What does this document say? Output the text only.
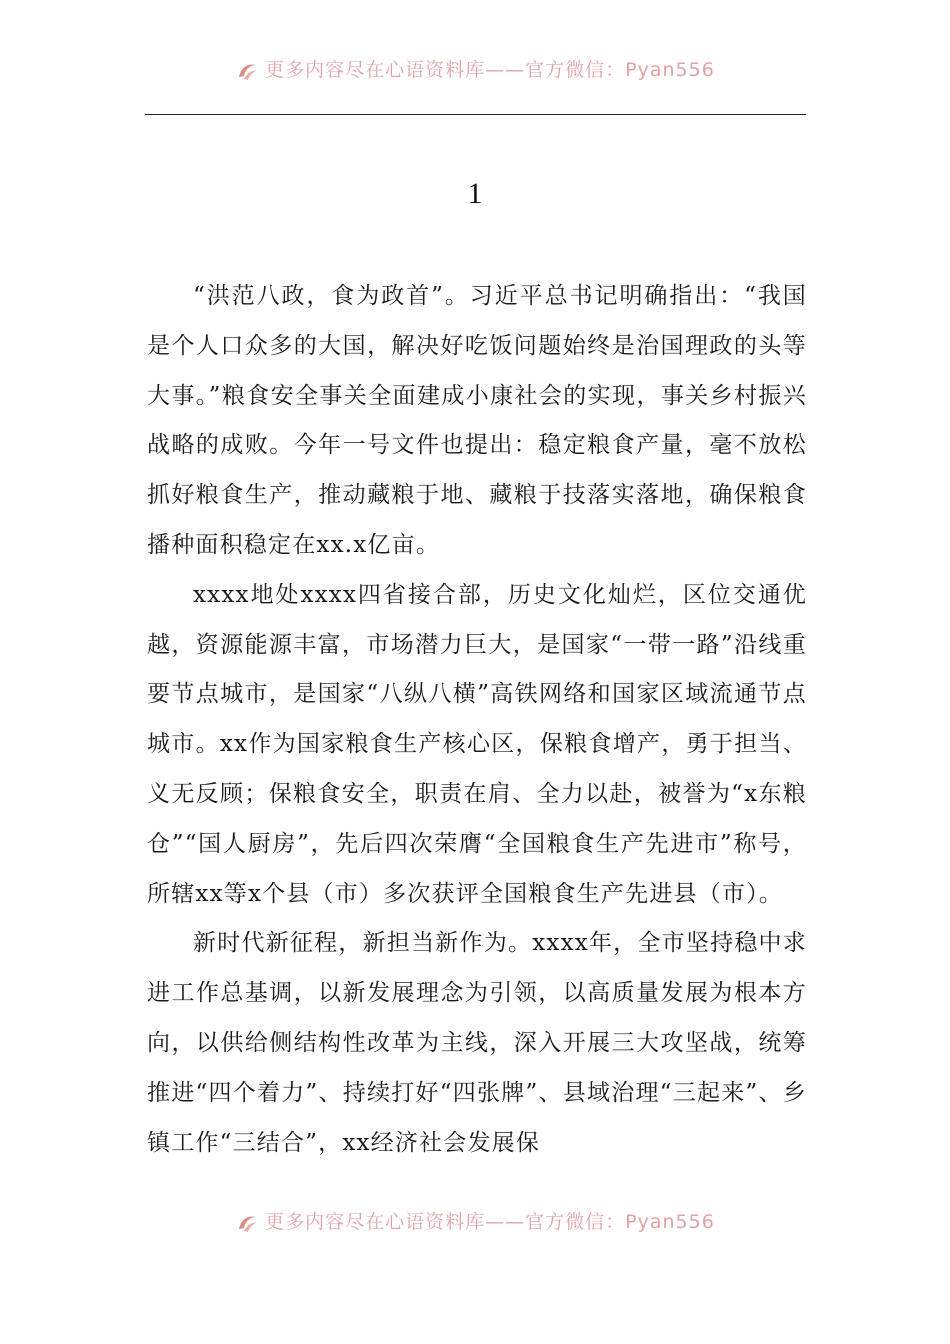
更多内容尽在心语资料库——官方微信：Pyan556
1

“洪范八政，食为政首”。习近平总书记明确指出：“我国是个人口众多的大国，解决好吃饭问题始终是治国理政的头等大事。”粮食安全事关全面建成小康社会的实现，事关乡村振兴战略的成败。今年一号文件也提出：稳定粮食产量，毫不放松抓好粮食生产，推动藏粮于地、藏粮于技落实落地，确保粮食播种面积稳定在xx.x亿亩。

xxxx地处xxxx四省接合部，历史文化灿烂，区位交通优越，资源能源丰富，市场潜力巨大，是国家“一带一路”沿线重要节点城市，是国家“八纵八横”高铁网络和国家区域流通节点城市。xx作为国家粮食生产核心区，保粮食增产，勇于担当、义无反顾；保粮食安全，职责在肩、全力以赴，被誉为“x东粮仓”“国人厨房”，先后四次荣膺“全国粮食生产先进市”称号，所辖xx等x个县（市）多次获评全国粮食生产先进县（市）。

新时代新征程，新担当新作为。xxxx年，全市坚持稳中求进工作总基调，以新发展理念为引领，以高质量发展为根本方向，以供给侧结构性改革为主线，深入开展三大攻坚战，统筹推进“四个着力”、持续打好“四张牌”、县域治理“三起来”、乡镇工作“三结合”，xx经济社会发展保

更多内容尽在心语资料库——官方微信：Pyan556
